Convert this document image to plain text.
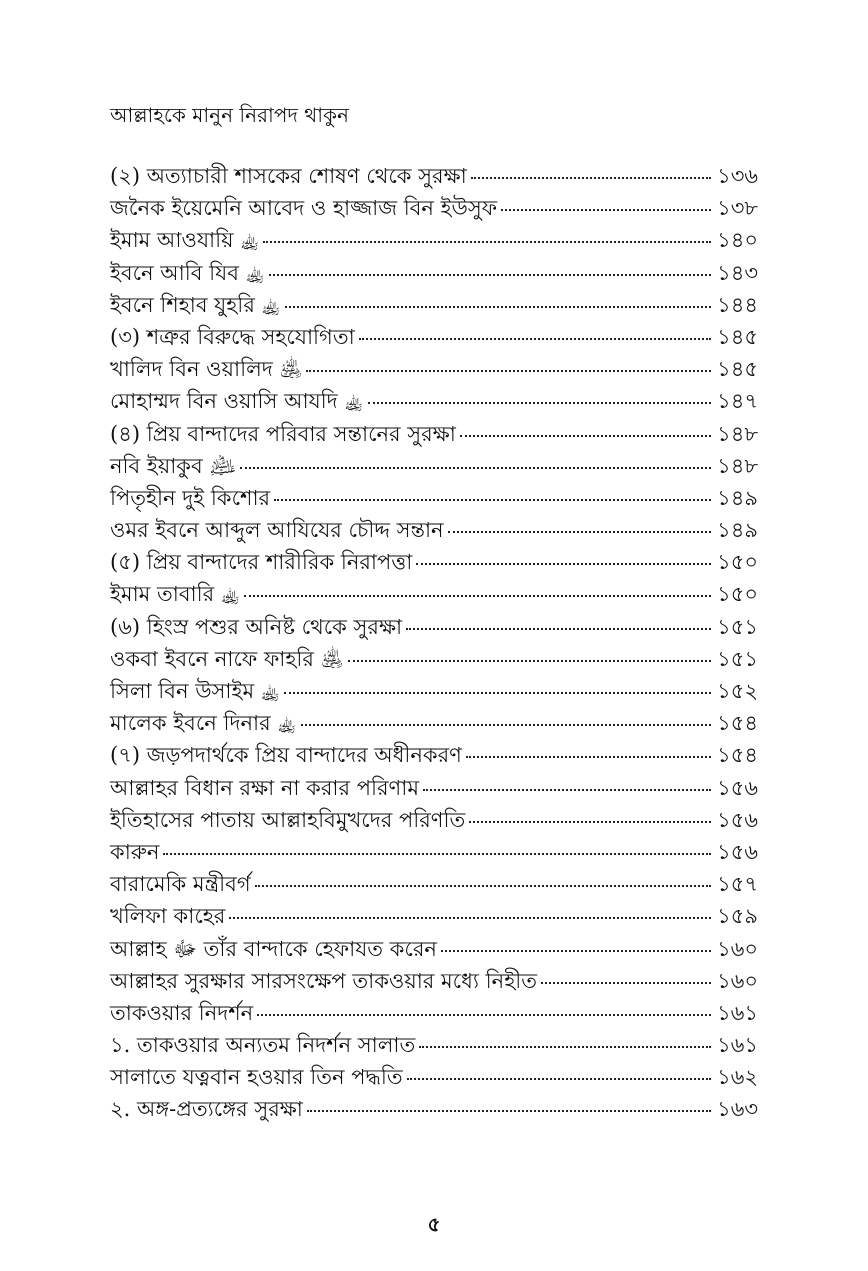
আল্লাহকে মানুন নিরাপদ থাকুন
(২) অত্যাচারী শাসকের শোষণ থেকে সুরক্ষা	১৩৬
জনৈক ইয়েমেনি আবেদ ও হাজ্জাজ বিন ইউসুফ	১৩৮
ইমাম আওযায়ি ﵀	১৪০
ইবনে আবি যিব ﵀	১৪৩
ইবনে শিহাব যুহরি ﵀	১৪৪
(৩) শত্রুর বিরুদ্ধে সহযোগিতা	১৪৫
খালিদ বিন ওয়ালিদ ﵁	১৪৫
মোহাম্মদ বিন ওয়াসি আযদি ﵀	১৪৭
(৪) প্রিয় বান্দাদের পরিবার সন্তানের সুরক্ষা	১৪৮
নবি ইয়াকুব ﵇	১৪৮
পিতৃহীন দুই কিশোর	১৪৯
ওমর ইবনে আব্দুল আযিযের চৌদ্দ সন্তান	১৪৯
(৫) প্রিয় বান্দাদের শারীরিক নিরাপত্তা	১৫০
ইমাম তাবারি ﵀	১৫০
(৬) হিংস্র পশুর অনিষ্ট থেকে সুরক্ষা	১৫১
ওকবা ইবনে নাফে ফাহরি ﵁	১৫১
সিলা বিন উসাইম ﵀	১৫২
মালেক ইবনে দিনার ﵀	১৫৪
(৭) জড়পদার্থকে প্রিয় বান্দাদের অধীনকরণ	১৫৪
আল্লাহর বিধান রক্ষা না করার পরিণাম	১৫৬
ইতিহাসের পাতায় আল্লাহবিমুখদের পরিণতি	১৫৬
কারুন	১৫৬
বারামেকি মন্ত্রীবর্গ	১৫৭
খলিফা কাহের	১৫৯
আল্লাহ ﷻ তাঁর বান্দাকে হেফাযত করেন	১৬০
আল্লাহর সুরক্ষার সারসংক্ষেপ তাকওয়ার মধ্যে নিহীত	১৬০
তাকওয়ার নিদর্শন	১৬১
১. তাকওয়ার অন্যতম নিদর্শন সালাত	১৬১
সালাতে যত্নবান হওয়ার তিন পদ্ধতি	১৬২
২. অঙ্গ-প্রত্যঙ্গের সুরক্ষা	১৬৩
৫
